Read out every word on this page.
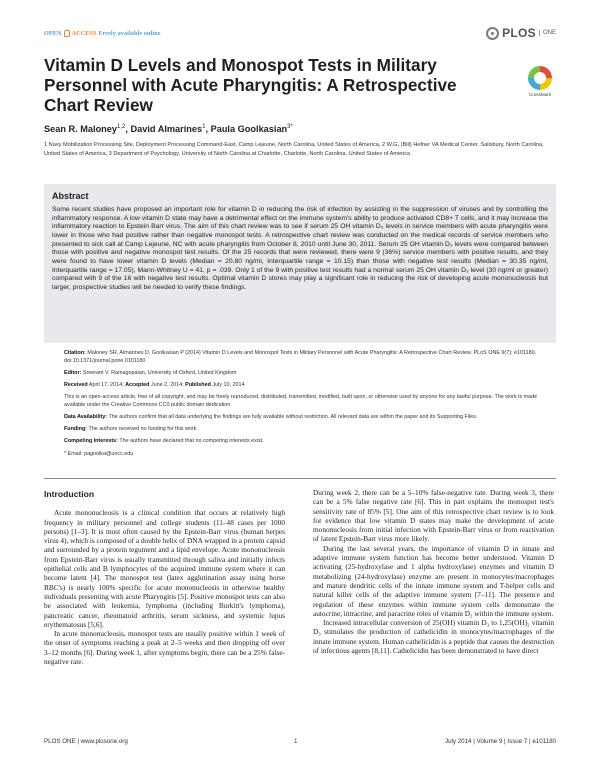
OPEN ACCESS Freely available online	PLOS	ONE
Vitamin D Levels and Monospot Tests in Military Personnel with Acute Pharyngitis: A Retrospective Chart Review
CrossMark
Sean R. Maloney$^{1,2}$, David Almarines$^1$, Paula Goolkasian$^{3*}$
1 Navy Mobilization Processing Site, Deployment Processing Command-East, Camp Lejeune, North Carolina, United States of America, 2 W.G. (Bill) Hefner VA Medical Center, Salisbury, North Carolina, United States of America, 3 Department of Psychology, University of North Carolina at Charlotte, Charlotte, North Carolina, United States of America
Abstract

Some recent studies have proposed an important role for vitamin D in reducing the risk of infection by assisting in the suppression of viruses and by controlling the inflammatory response. A low vitamin D state may have a detrimental effect on the immune system's ability to produce activated CD8+ T cells, and it may increase the inflammatory reaction to Epstein Barr virus. The aim of this chart review was to see if serum 25 OH vitamin D₃ levels in service members with acute pharyngitis were lower in those who had positive rather than negative monospot tests. A retrospective chart review was conducted on the medical records of service members who presented to sick call at Camp Lejeune, NC with acute pharyngitis from October 8, 2010 until June 30, 2011. Serum 25 OH vitamin D₃ levels were compared between those with positive and negative monospot test results. Of the 25 records that were reviewed, there were 9 (36%) service members with positive results, and they were found to have lower vitamin D levels (Median = 20.80 ng/ml, Interquartile range = 10.15) than those with negative test results (Median = 30.35 ng/ml, Interquartile range = 17.05), Mann-Whitney U = 41, p = .039. Only 1 of the 9 with positive test results had a normal serum 25 OH vitamin D₃ level (30 ng/ml or greater) compared with 9 of the 16 with negative test results. Optimal vitamin D stores may play a significant role in reducing the risk of developing acute mononucleosis but larger, prospective studies will be needed to verify these findings.

Citation: Maloney SR, Almarines D, Goolkasian P (2014) Vitamin D Levels and Monospot Tests in Military Personnel with Acute Pharyngitis: A Retrospective Chart Review. PLoS ONE 9(7): e101180. doi:10.1371/journal.pone.0101180
Editor: Sreeram V. Ramagopalan, University of Oxford, United Kingdom
Received April 17, 2014; Accepted June 2, 2014; Published July 10, 2014
This is an open-access article, free of all copyright, and may be freely reproduced, distributed, transmitted, modified, built upon, or otherwise used by anyone for any lawful purpose. The work is made available under the Creative Commons CC0 public domain dedication.
Data Availability: The authors confirm that all data underlying the findings are fully available without restriction. All relevant data are within the paper and its Supporting Files.
Funding: The authors received no funding for this work.
Competing Interests: The authors have declared that no competing interests exist.
* Email: pagoolka@uncc.edu
Introduction

Acute mononucleosis is a clinical condition that occurs at relatively high frequency in military personnel and college students (11–48 cases per 1000 persons) [1–3]. It is most often caused by the Epstein-Barr virus (human herpes virus 4), which is composed of a double helix of DNA wrapped in a protein capsid and surrounded by a protein tegument and a lipid envelope. Acute mononucleosis from Epstein-Barr virus is usually transmitted through saliva and initially infects epithelial cells and B lymphocytes of the acquired immune system where it can become latent [4]. The monospot test (latex agglutination assay using horse RBC's) is nearly 100% specific for acute mononucleosis in otherwise healthy individuals presenting with acute Pharyngitis [5]. Positive monospot tests can also be associated with leukemia, lymphoma (including Burkitt's lymphoma), pancreatic cancer, rheumatoid arthritis, serum sickness, and systemic lupus erythematosus [5,6].

In acute mononucleosis, monospot tests are usually positive within 1 week of the onset of symptoms reaching a peak at 2–5 weeks and then dropping off over 3–12 months [6]. During week 1, after symptoms begin, there can be a 25% false-negative rate.

During week 2, there can be a 5–10% false-negative rate. During week 3, there can be a 5% false negative rate [6]. This in part explains the monospot test's sensitivity rate of 85% [5]. One aim of this retrospective chart review is to look for evidence that low vitamin D states may make the development of acute mononucleosis from initial infection with Epstein-Barr virus or from reactivation of latent Epstein-Barr virus more likely.

During the last several years, the importance of vitamin D in innate and adaptive immune system function has become better understood. Vitamin D activating (25-hydroxylase and 1 alpha hydroxylase) enzymes and vitamin D metabolizing (24-hydroxylase) enzyme are present in monocytes/macrophages and mature dendritic cells of the innate immune system and T-helper cells and natural killer cells of the adaptive immune system [7–11]. The presence and regulation of these enzymes within immune system cells demonstrate the autocrine, intracrine, and paracrine roles of vitamin D₃ within the immune system.

Increased intracellular conversion of 25(OH) vitamin D₃ to 1,25(OH)₂ vitamin D₃ stimulates the production of cathelicidin in monocytes/macrophages of the innate immune system. Human cathelicidin is a peptide that causes the destruction of infectious agents [8,11]. Cathelicidin has been demonstrated to have direct

PLOS ONE | www.plosone.org	1	July 2014 | Volume 9 | Issue 7 | e101180
